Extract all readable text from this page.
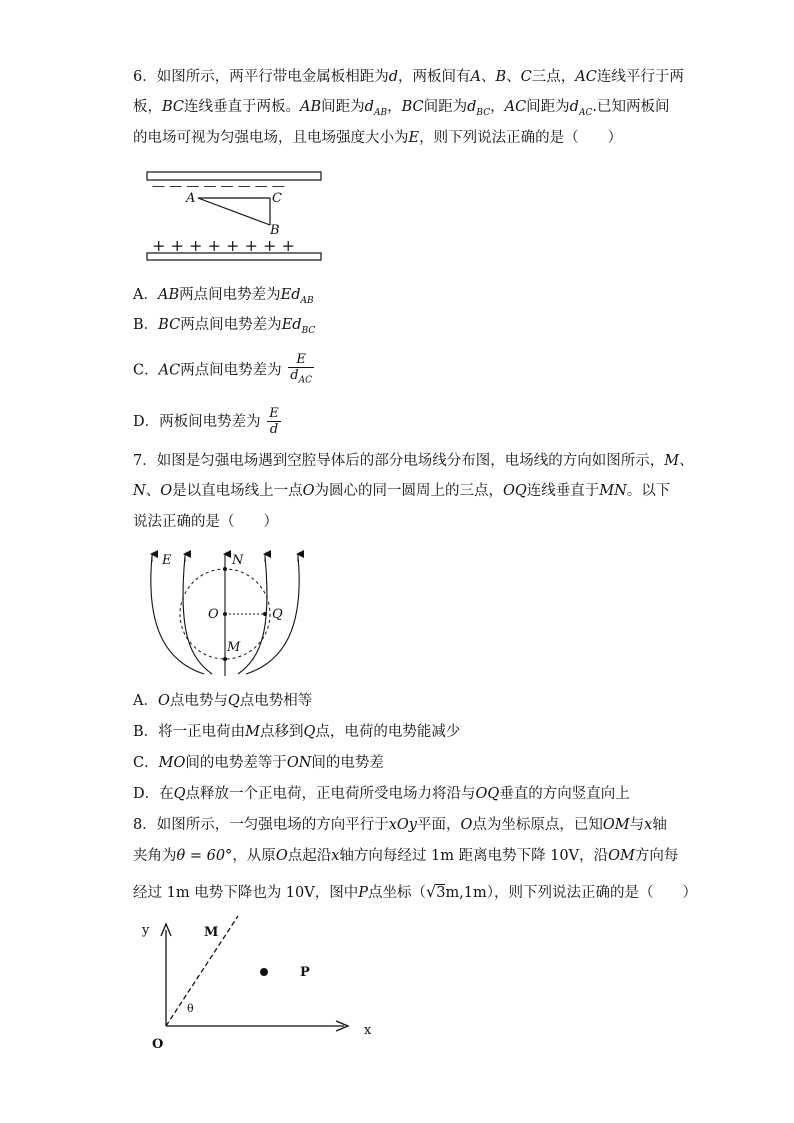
6．如图所示，两平行带电金属板相距为d，两板间有A、B、C三点，AC连线平行于两
板，BC连线垂直于两板。AB间距为$d_{AB}$，BC间距为$d_{BC}$，AC间距为$d_{AC}$.已知两板间
的电场可视为匀强电场，且电场强度大小为E，则下列说法正确的是（　　）
— — — — — — — —
A	C
B
+ + + + + + + +
A．AB两点间电势差为$Ed_{AB}$
B．BC两点间电势差为$Ed_{BC}$
C．AC两点间电势差为 $\frac{E}{d_{AC}}$
D．两板间电势差为 $\frac{E}{d}$
7．如图是匀强电场遇到空腔导体后的部分电场线分布图，电场线的方向如图所示，M、
N、O是以直电场线上一点O为圆心的同一圆周上的三点，OQ连线垂直于MN。以下
说法正确的是（　　）
E	N
O	Q
M
A．O点电势与Q点电势相等
B．将一正电荷由M点移到Q点，电荷的电势能减少
C．MO间的电势差等于ON间的电势差
D．在Q点释放一个正电荷，正电荷所受电场力将沿与OQ垂直的方向竖直向上
8．如图所示，一匀强电场的方向平行于xOy平面，O点为坐标原点，已知OM与x轴
夹角为θ = 60°，从原O点起沿x轴方向每经过 1m 距离电势下降 10V，沿OM方向每
经过 1m 电势下降也为 10V，图中P点坐标（√3m,1m），则下列说法正确的是（　　）
y	M
P
θ
x
O
